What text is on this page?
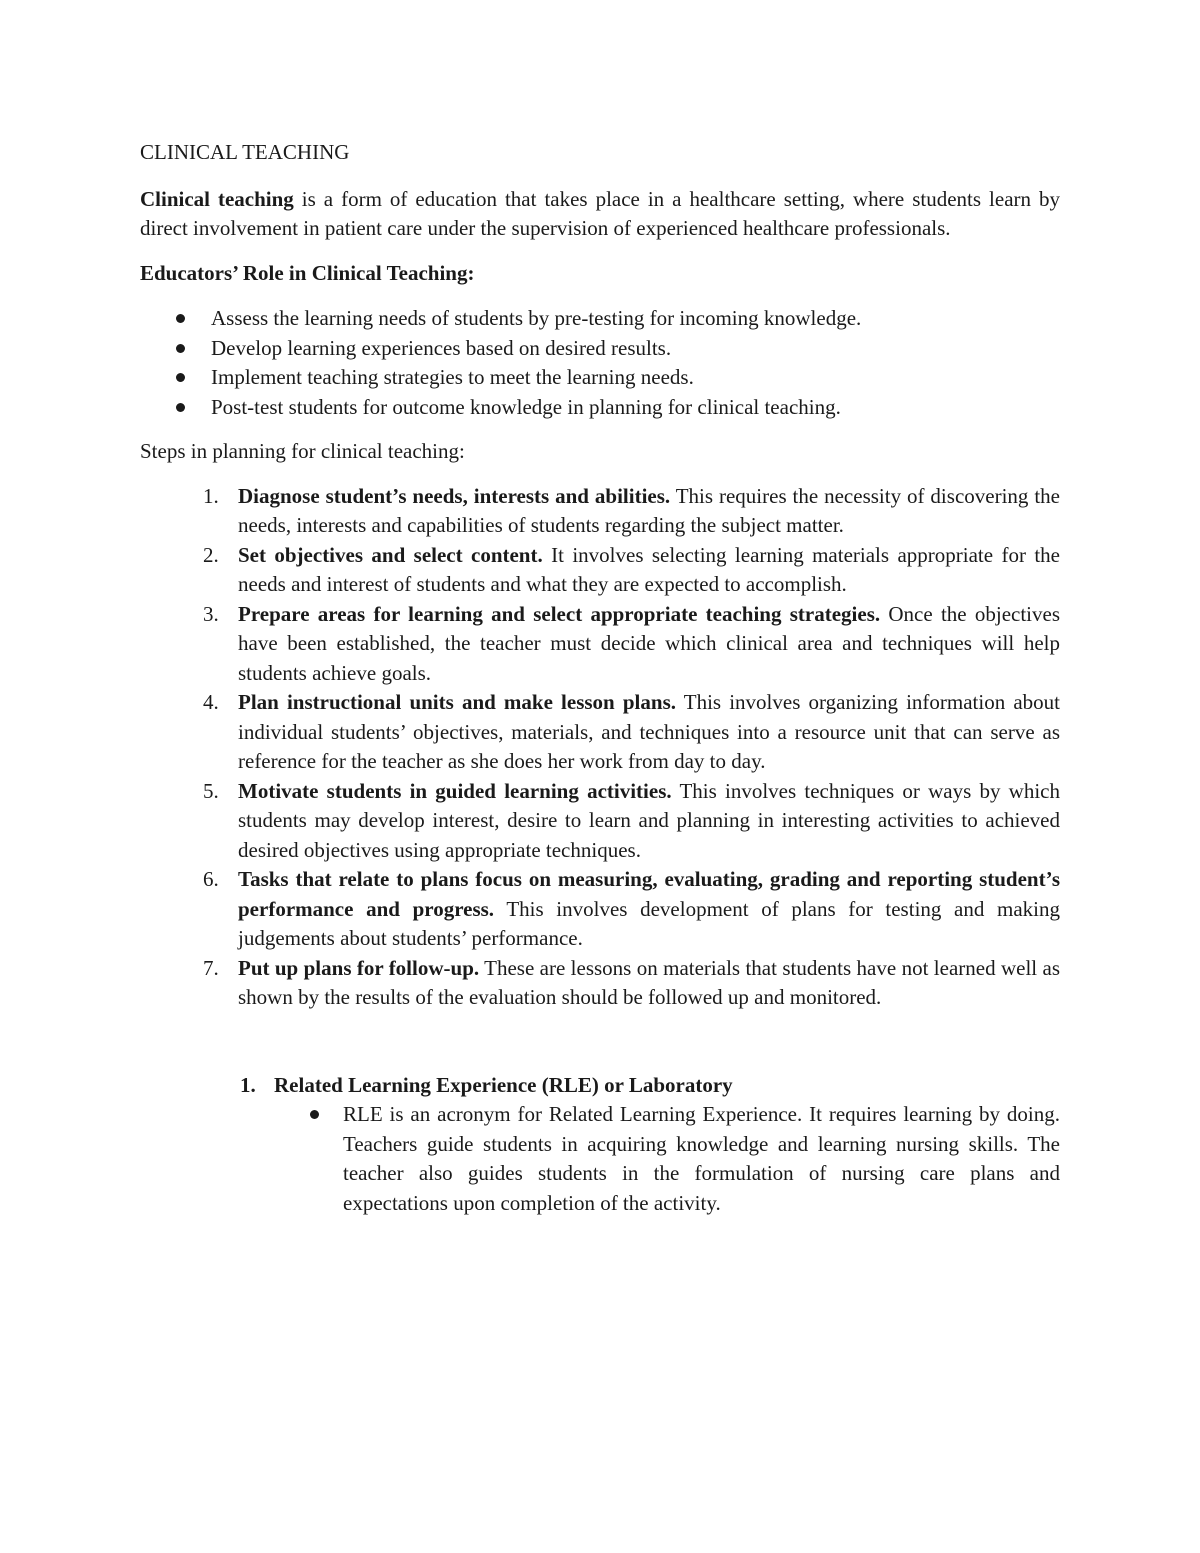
CLINICAL TEACHING

Clinical teaching is a form of education that takes place in a healthcare setting, where students learn by direct involvement in patient care under the supervision of experienced healthcare professionals.

Educators’ Role in Clinical Teaching:

Assess the learning needs of students by pre-testing for incoming knowledge.
Develop learning experiences based on desired results.
Implement teaching strategies to meet the learning needs.
Post-test students for outcome knowledge in planning for clinical teaching.

Steps in planning for clinical teaching:

1. Diagnose student’s needs, interests and abilities. This requires the necessity of discovering the needs, interests and capabilities of students regarding the subject matter.
2. Set objectives and select content. It involves selecting learning materials appropriate for the needs and interest of students and what they are expected to accomplish.
3. Prepare areas for learning and select appropriate teaching strategies. Once the objectives have been established, the teacher must decide which clinical area and techniques will help students achieve goals.
4. Plan instructional units and make lesson plans. This involves organizing information about individual students’ objectives, materials, and techniques into a resource unit that can serve as reference for the teacher as she does her work from day to day.
5. Motivate students in guided learning activities. This involves techniques or ways by which students may develop interest, desire to learn and planning in interesting activities to achieved desired objectives using appropriate techniques.
6. Tasks that relate to plans focus on measuring, evaluating, grading and reporting student’s performance and progress. This involves development of plans for testing and making judgements about students’ performance.
7. Put up plans for follow-up. These are lessons on materials that students have not learned well as shown by the results of the evaluation should be followed up and monitored.

1. Related Learning Experience (RLE) or Laboratory

RLE is an acronym for Related Learning Experience. It requires learning by doing. Teachers guide students in acquiring knowledge and learning nursing skills. The teacher also guides students in the formulation of nursing care plans and expectations upon completion of the activity.
